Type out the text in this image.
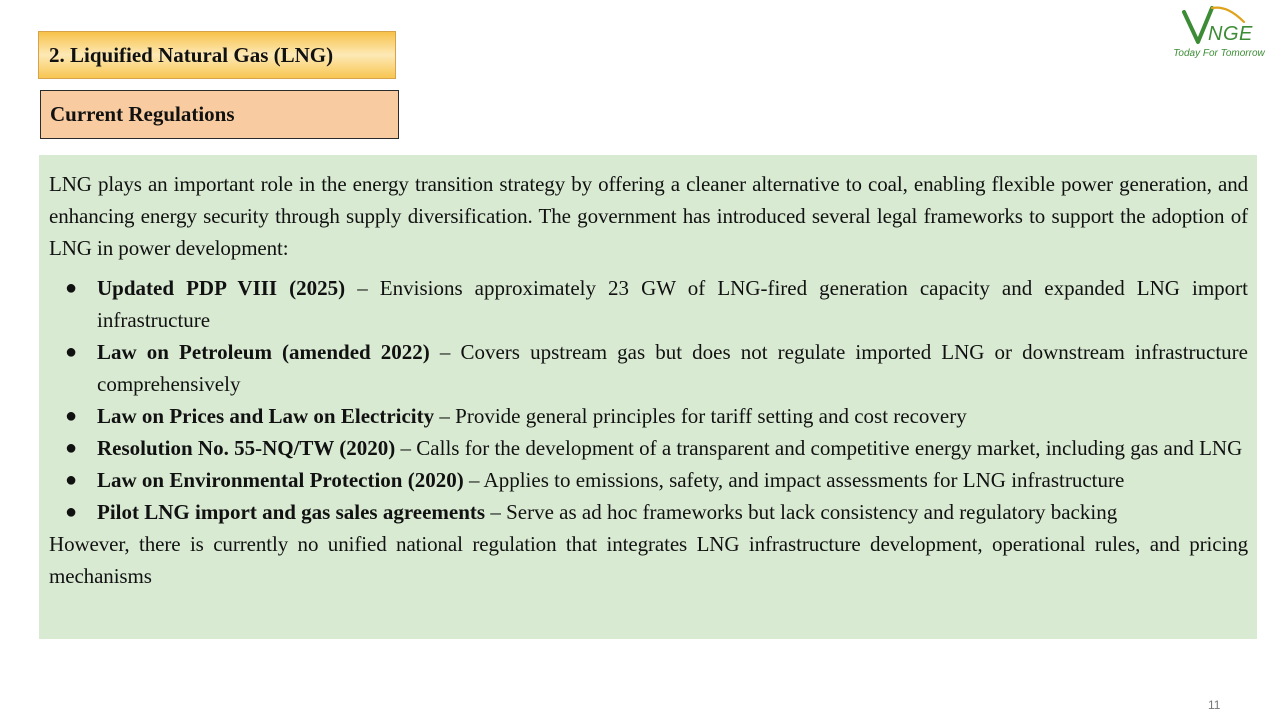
2. Liquified Natural Gas (LNG)
Current Regulations
NGE
Today For Tomorrow

LNG plays an important role in the energy transition strategy by offering a cleaner alternative to coal, enabling flexible power generation, and enhancing energy security through supply diversification. The government has introduced several legal frameworks to support the adoption of LNG in power development:

● Updated PDP VIII (2025) – Envisions approximately 23 GW of LNG-fired generation capacity and expanded LNG import infrastructure
● Law on Petroleum (amended 2022) – Covers upstream gas but does not regulate imported LNG or downstream infrastructure comprehensively
● Law on Prices and Law on Electricity – Provide general principles for tariff setting and cost recovery
● Resolution No. 55-NQ/TW (2020) – Calls for the development of a transparent and competitive energy market, including gas and LNG
● Law on Environmental Protection (2020) – Applies to emissions, safety, and impact assessments for LNG infrastructure
● Pilot LNG import and gas sales agreements – Serve as ad hoc frameworks but lack consistency and regulatory backing

However, there is currently no unified national regulation that integrates LNG infrastructure development, operational rules, and pricing mechanisms

11
